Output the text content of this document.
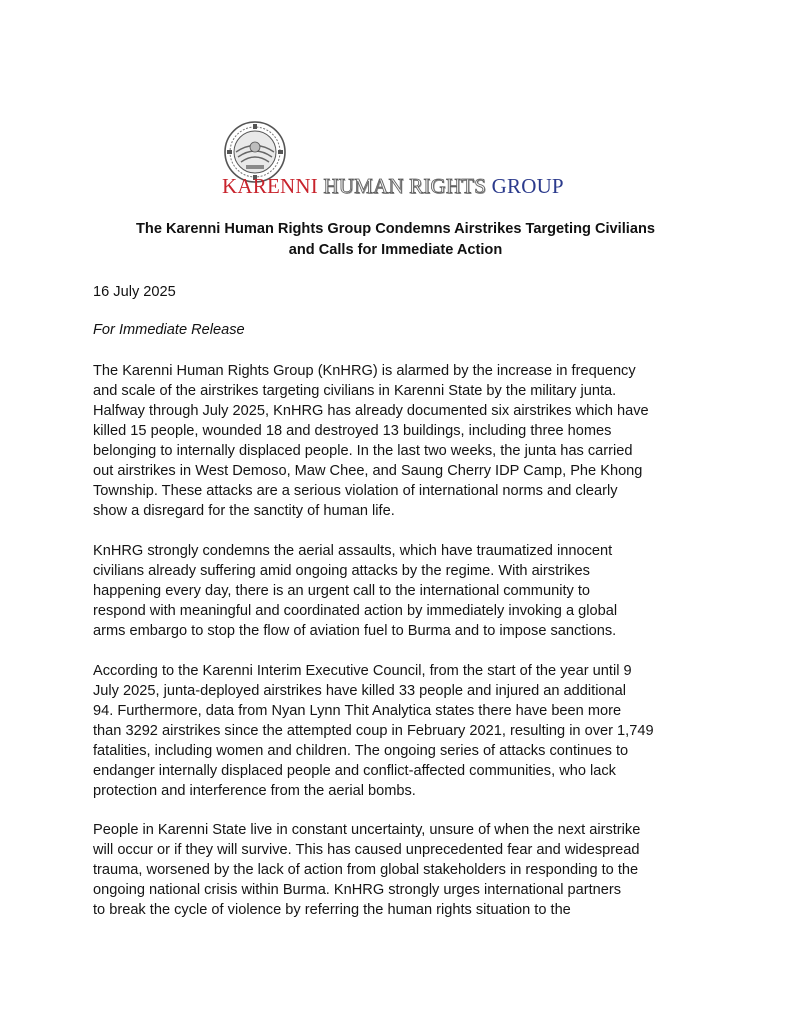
KARENNI HUMAN RIGHTS GROUP
The Karenni Human Rights Group Condemns Airstrikes Targeting Civilians
and Calls for Immediate Action
16 July 2025
For Immediate Release
The Karenni Human Rights Group (KnHRG) is alarmed by the increase in frequency
and scale of the airstrikes targeting civilians in Karenni State by the military junta.
Halfway through July 2025, KnHRG has already documented six airstrikes which have
killed 15 people, wounded 18 and destroyed 13 buildings, including three homes
belonging to internally displaced people. In the last two weeks, the junta has carried
out airstrikes in West Demoso, Maw Chee, and Saung Cherry IDP Camp, Phe Khong
Township. These attacks are a serious violation of international norms and clearly
show a disregard for the sanctity of human life.
KnHRG strongly condemns the aerial assaults, which have traumatized innocent
civilians already suffering amid ongoing attacks by the regime. With airstrikes
happening every day, there is an urgent call to the international community to
respond with meaningful and coordinated action by immediately invoking a global
arms embargo to stop the flow of aviation fuel to Burma and to impose sanctions.
According to the Karenni Interim Executive Council, from the start of the year until 9
July 2025, junta-deployed airstrikes have killed 33 people and injured an additional
94. Furthermore, data from Nyan Lynn Thit Analytica states there have been more
than 3292 airstrikes since the attempted coup in February 2021, resulting in over 1,749
fatalities, including women and children. The ongoing series of attacks continues to
endanger internally displaced people and conflict-affected communities, who lack
protection and interference from the aerial bombs.
People in Karenni State live in constant uncertainty, unsure of when the next airstrike
will occur or if they will survive. This has caused unprecedented fear and widespread
trauma, worsened by the lack of action from global stakeholders in responding to the
ongoing national crisis within Burma. KnHRG strongly urges international partners
to break the cycle of violence by referring the human rights situation to the
